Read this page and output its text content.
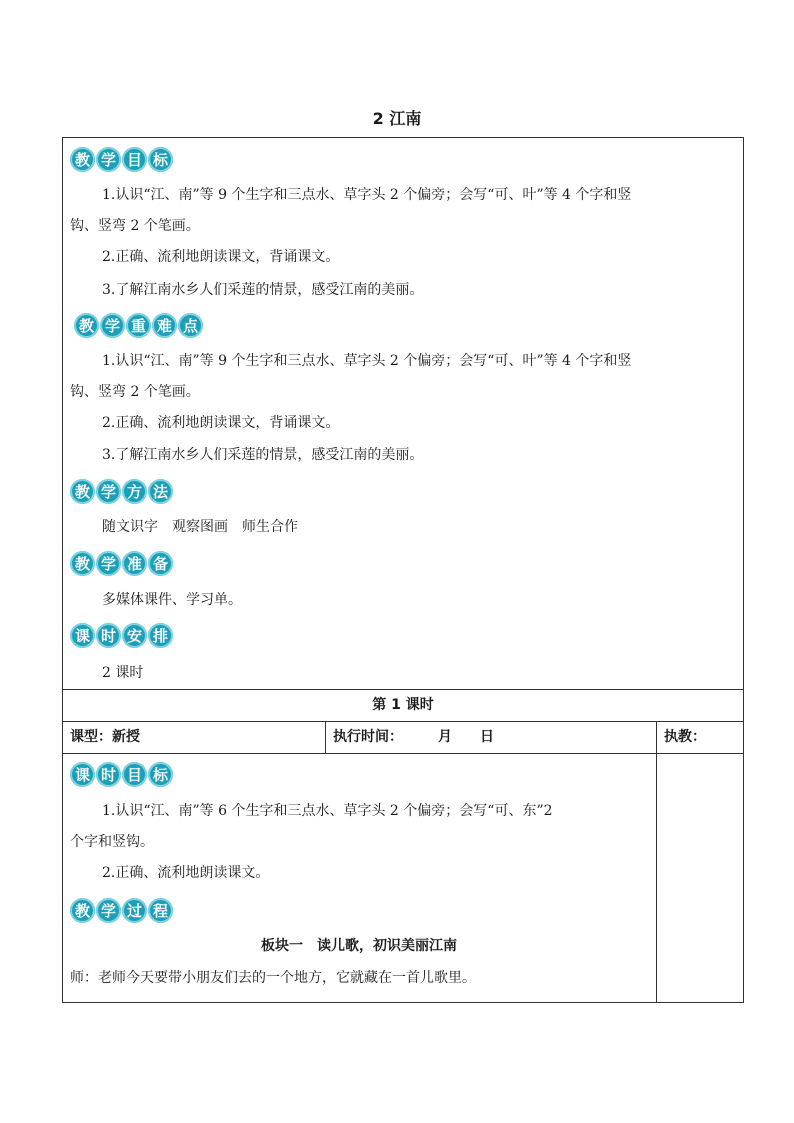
2 江南
教 学 目 标
1.认识“江、南”等 9 个生字和三点水、草字头 2 个偏旁；会写“可、叶”等 4 个字和竖
钩、竖弯 2 个笔画。
2.正确、流利地朗读课文，背诵课文。
3.了解江南水乡人们采莲的情景，感受江南的美丽。
教 学 重 难 点
1.认识“江、南”等 9 个生字和三点水、草字头 2 个偏旁；会写“可、叶”等 4 个字和竖
钩、竖弯 2 个笔画。
2.正确、流利地朗读课文，背诵课文。
3.了解江南水乡人们采莲的情景，感受江南的美丽。
教 学 方 法
随文识字　观察图画　师生合作
教 学 准 备
多媒体课件、学习单。
课 时 安 排
2 课时
第 1 课时
课型：新授	执行时间：　　　月　　日	执教：
课 时 目 标
1.认识“江、南”等 6 个生字和三点水、草字头 2 个偏旁；会写“可、东”2
个字和竖钩。
2.正确、流利地朗读课文。
教 学 过 程
板块一　读儿歌，初识美丽江南
师：老师今天要带小朋友们去的一个地方，它就藏在一首儿歌里。
